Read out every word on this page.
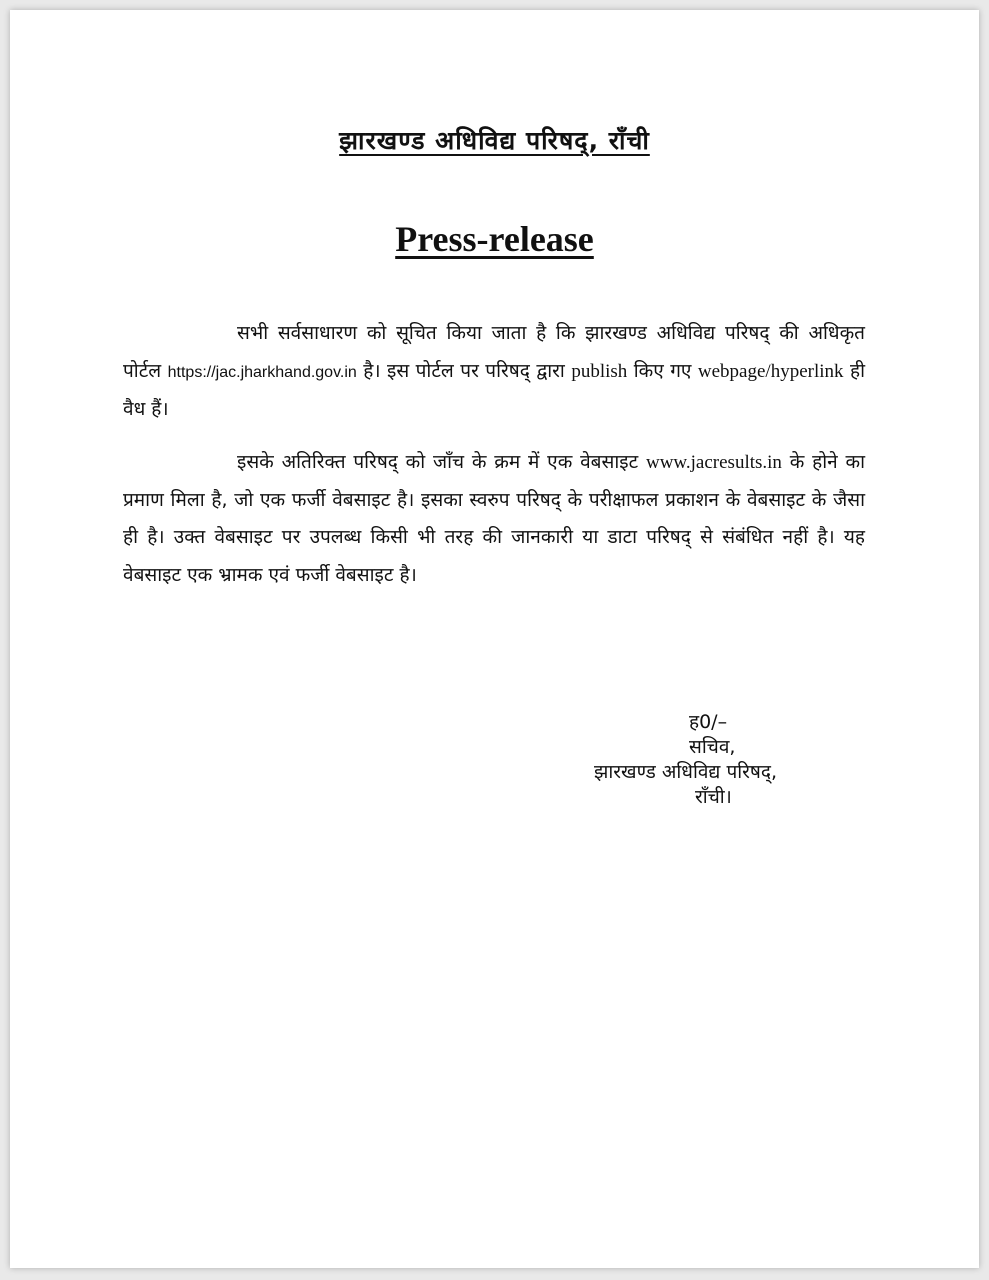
झारखण्ड अधिविद्य परिषद्, राँची
Press-release

सभी सर्वसाधारण को सूचित किया जाता है कि झारखण्ड अधिविद्य परिषद् की अधिकृत पोर्टल https://jac.jharkhand.gov.in है। इस पोर्टल पर परिषद् द्वारा publish किए गए webpage/hyperlink ही वैध हैं।

इसके अतिरिक्त परिषद् को जाँच के क्रम में एक वेबसाइट www.jacresults.in के होने का प्रमाण मिला है, जो एक फर्जी वेबसाइट है। इसका स्वरुप परिषद् के परीक्षाफल प्रकाशन के वेबसाइट के जैसा ही है। उक्त वेबसाइट पर उपलब्ध किसी भी तरह की जानकारी या डाटा परिषद् से संबंधित नहीं है। यह वेबसाइट एक भ्रामक एवं फर्जी वेबसाइट है।

ह0/–
सचिव,
झारखण्ड अधिविद्य परिषद्,
राँची।
